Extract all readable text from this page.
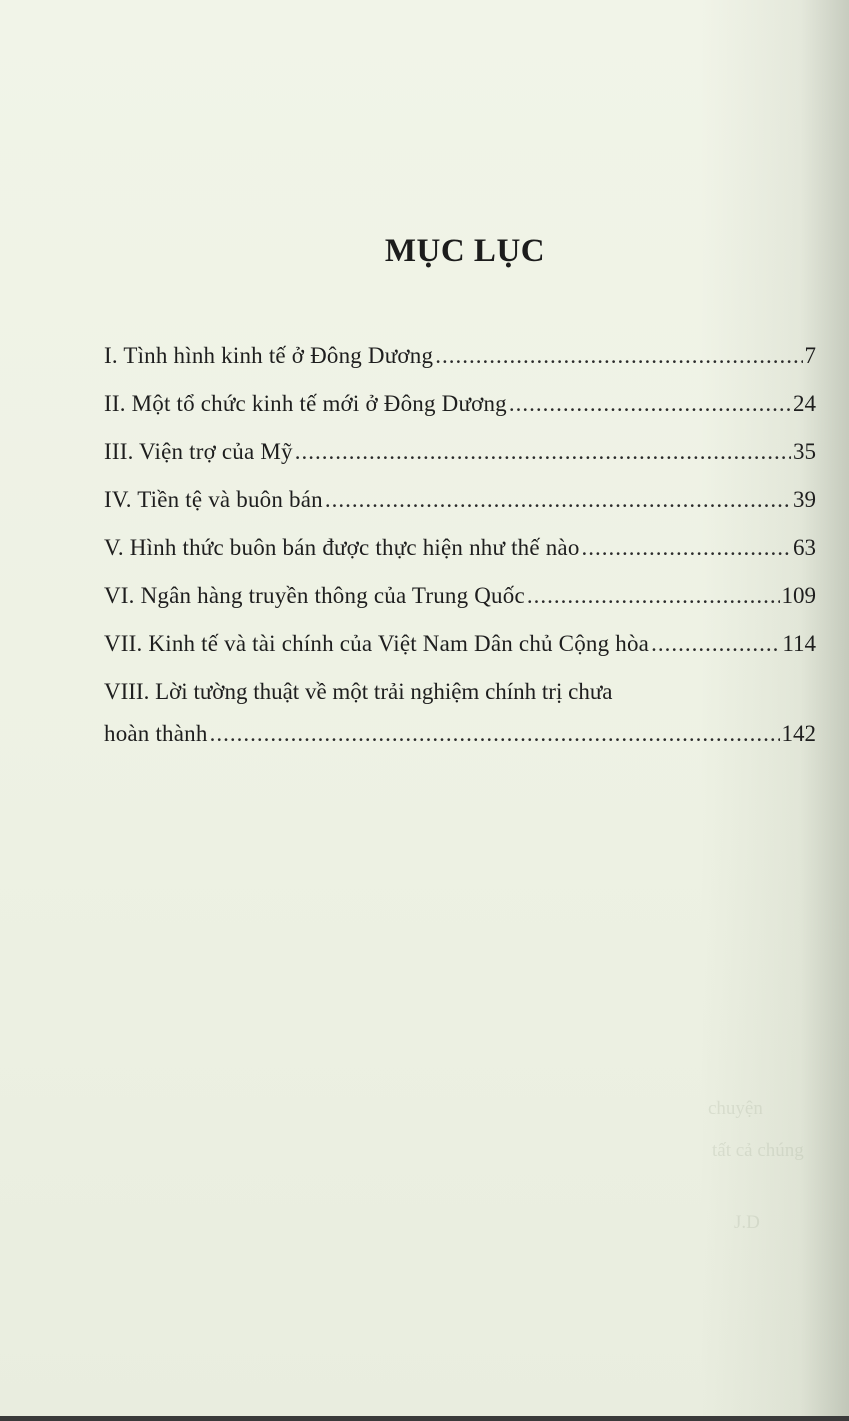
MỤC LỤC
I. Tình hình kinh tế ở Đông Dương .....	7
II. Một tổ chức kinh tế mới ở Đông Dương .....	24
III. Viện trợ của Mỹ .....	35
IV. Tiền tệ và buôn bán .....	39
V. Hình thức buôn bán được thực hiện như thế nào .....	63
VI. Ngân hàng truyền thông của Trung Quốc .....	109
VII. Kinh tế và tài chính của Việt Nam Dân chủ Cộng hòa .....	114
VIII. Lời tường thuật về một trải nghiệm chính trị chưa
hoàn thành .....	142
chuyện
tất cả chúng
J.D
